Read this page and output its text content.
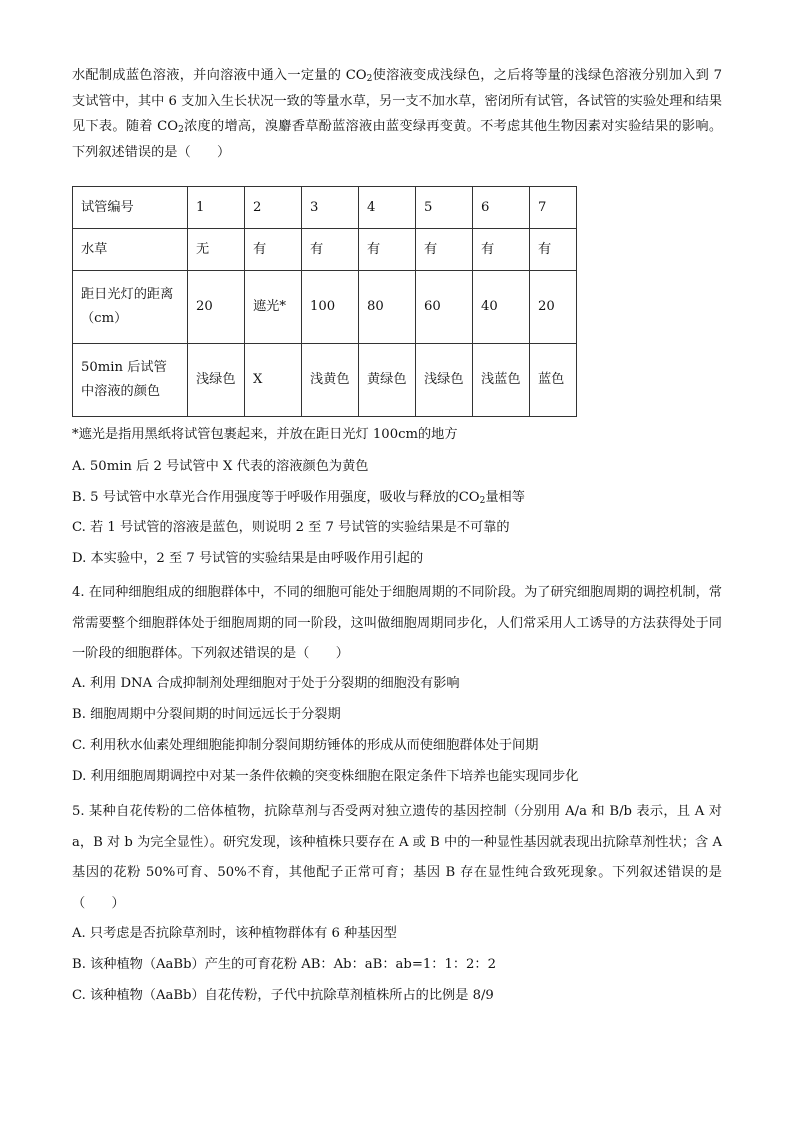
水配制成蓝色溶液，并向溶液中通入一定量的 $CO_2$使溶液变成浅绿色，之后将等量的浅绿色溶液分别加入到 7 支试管中，其中 6 支加入生长状况一致的等量水草，另一支不加水草，密闭所有试管，各试管的实验处理和结果见下表。随着 $CO_2$浓度的增高，溴麝香草酚蓝溶液由蓝变绿再变黄。不考虑其他生物因素对实验结果的影响。下列叙述错误的是（　　）

试管编号	1	2	3	4	5	6	7
水草	无	有	有	有	有	有	有
距日光灯的距离（cm）	20	遮光*	100	80	60	40	20
50min 后试管中溶液的颜色	浅绿色	X	浅黄色	黄绿色	浅绿色	浅蓝色	蓝色

*遮光是指用黑纸将试管包裹起来，并放在距日光灯 100cm的地方

A. 50min 后 2 号试管中 X 代表的溶液颜色为黄色

B. 5 号试管中水草光合作用强度等于呼吸作用强度，吸收与释放的$CO_2$量相等

C. 若 1 号试管的溶液是蓝色，则说明 2 至 7 号试管的实验结果是不可靠的

D. 本实验中，2 至 7 号试管的实验结果是由呼吸作用引起的

4. 在同种细胞组成的细胞群体中，不同的细胞可能处于细胞周期的不同阶段。为了研究细胞周期的调控机制，常常需要整个细胞群体处于细胞周期的同一阶段，这叫做细胞周期同步化，人们常采用人工诱导的方法获得处于同一阶段的细胞群体。下列叙述错误的是（　　）

A. 利用 DNA 合成抑制剂处理细胞对于处于分裂期的细胞没有影响

B. 细胞周期中分裂间期的时间远远长于分裂期

C. 利用秋水仙素处理细胞能抑制分裂间期纺锤体的形成从而使细胞群体处于间期

D. 利用细胞周期调控中对某一条件依赖的突变株细胞在限定条件下培养也能实现同步化

5. 某种自花传粉的二倍体植物，抗除草剂与否受两对独立遗传的基因控制（分别用 A/a 和 B/b 表示，且 A 对 a，B 对 b 为完全显性）。研究发现，该种植株只要存在 A 或 B 中的一种显性基因就表现出抗除草剂性状；含 A 基因的花粉 50%可育、50%不育，其他配子正常可育；基因 B 存在显性纯合致死现象。下列叙述错误的是（　　）

A. 只考虑是否抗除草剂时，该种植物群体有 6 种基因型

B. 该种植物（AaBb）产生的可育花粉 AB：Ab：aB：ab=1：1：2：2

C. 该种植物（AaBb）自花传粉，子代中抗除草剂植株所占的比例是 8/9
